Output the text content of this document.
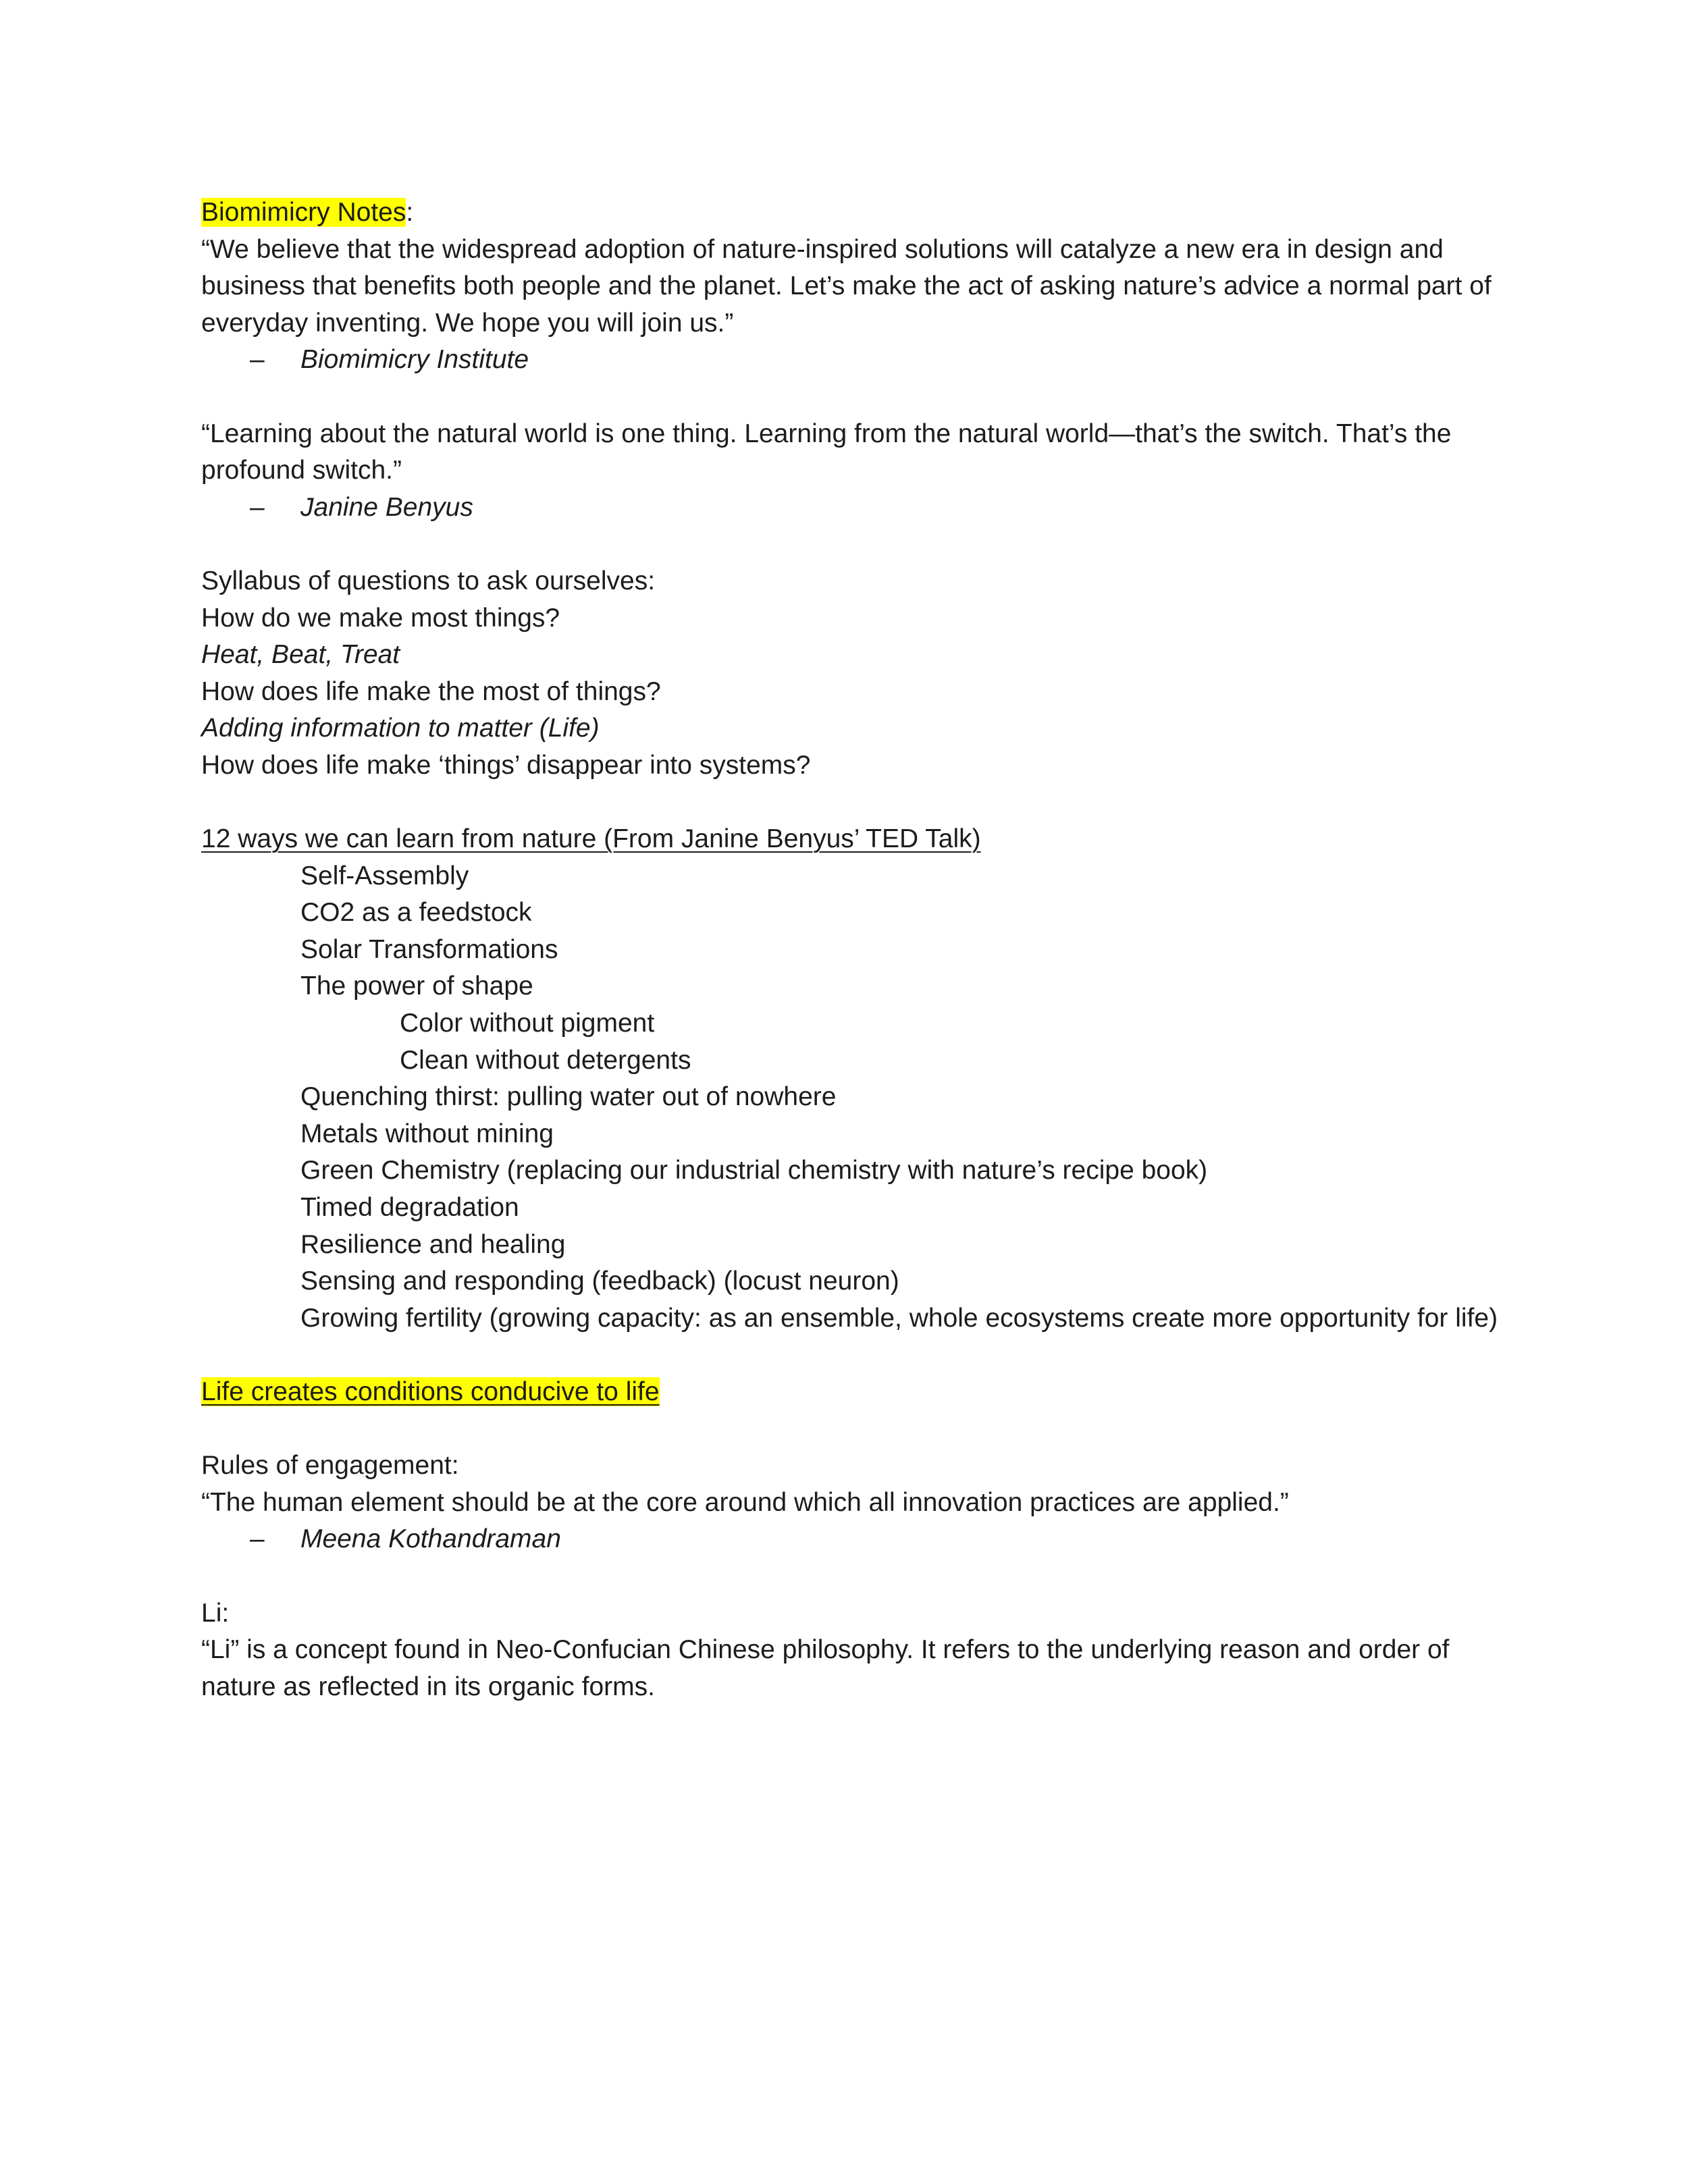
Biomimicry Notes:
“We believe that the widespread adoption of nature-inspired solutions will catalyze a new era in design and business that benefits both people and the planet. Let’s make the act of asking nature’s advice a normal part of everyday inventing. We hope you will join us.”
– Biomimicry Institute
“Learning about the natural world is one thing. Learning from the natural world—that’s the switch. That’s the profound switch.”
– Janine Benyus
Syllabus of questions to ask ourselves:
How do we make most things?
Heat, Beat, Treat
How does life make the most of things?
Adding information to matter (Life)
How does life make ‘things’ disappear into systems?
12 ways we can learn from nature (From Janine Benyus’ TED Talk)
Self-Assembly
CO2 as a feedstock
Solar Transformations
The power of shape
Color without pigment
Clean without detergents
Quenching thirst: pulling water out of nowhere
Metals without mining
Green Chemistry (replacing our industrial chemistry with nature’s recipe book)
Timed degradation
Resilience and healing
Sensing and responding (feedback) (locust neuron)
Growing fertility (growing capacity: as an ensemble, whole ecosystems create more opportunity for life)
Life creates conditions conducive to life
Rules of engagement:
“The human element should be at the core around which all innovation practices are applied.”
– Meena Kothandraman
Li:
“Li” is a concept found in Neo-Confucian Chinese philosophy. It refers to the underlying reason and order of nature as reflected in its organic forms.
